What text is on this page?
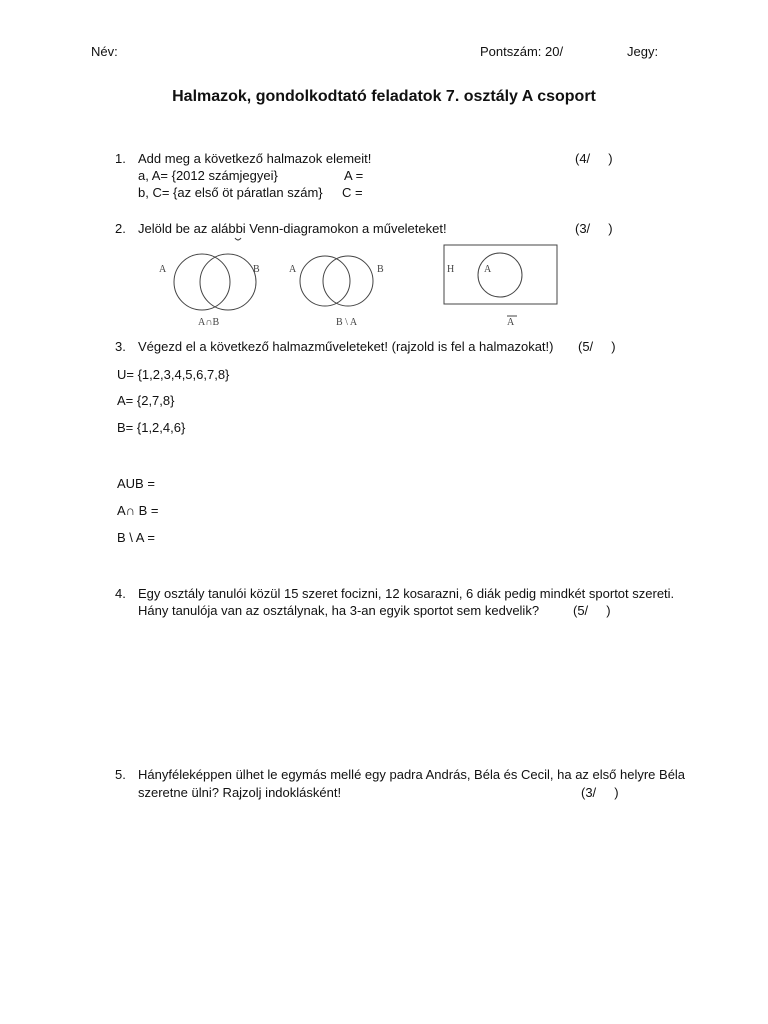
Név:	Pontszám: 20/	Jegy:
Halmazok, gondolkodtató feladatok 7. osztály A csoport
1. Add meg a következő halmazok elemeit!	(4/     )
a, A= {2012 számjegyei}	A =
b, C= {az első öt páratlan szám} C =
2. Jelöld be az alábbi Venn-diagramokon a műveleteket!	(3/     )
A	B
A∩B
A	B
B \ A
H	A
A
3. Végezd el a következő halmazműveleteket! (rajzold is fel a halmazokat!) (5/     )
U= {1,2,3,4,5,6,7,8}
A= {2,7,8}
B= {1,2,4,6}
AUB =
A∩ B =
B \ A =
4. Egy osztály tanulói közül 15 szeret focizni, 12 kosarazni, 6 diák pedig mindkét sportot szereti.
Hány tanulója van az osztálynak, ha 3-an egyik sportot sem kedvelik?	(5/     )
5. Hányféleképpen ülhet le egymás mellé egy padra András, Béla és Cecil, ha az első helyre Béla
szeretne ülni? Rajzolj indoklásként!	(3/     )
